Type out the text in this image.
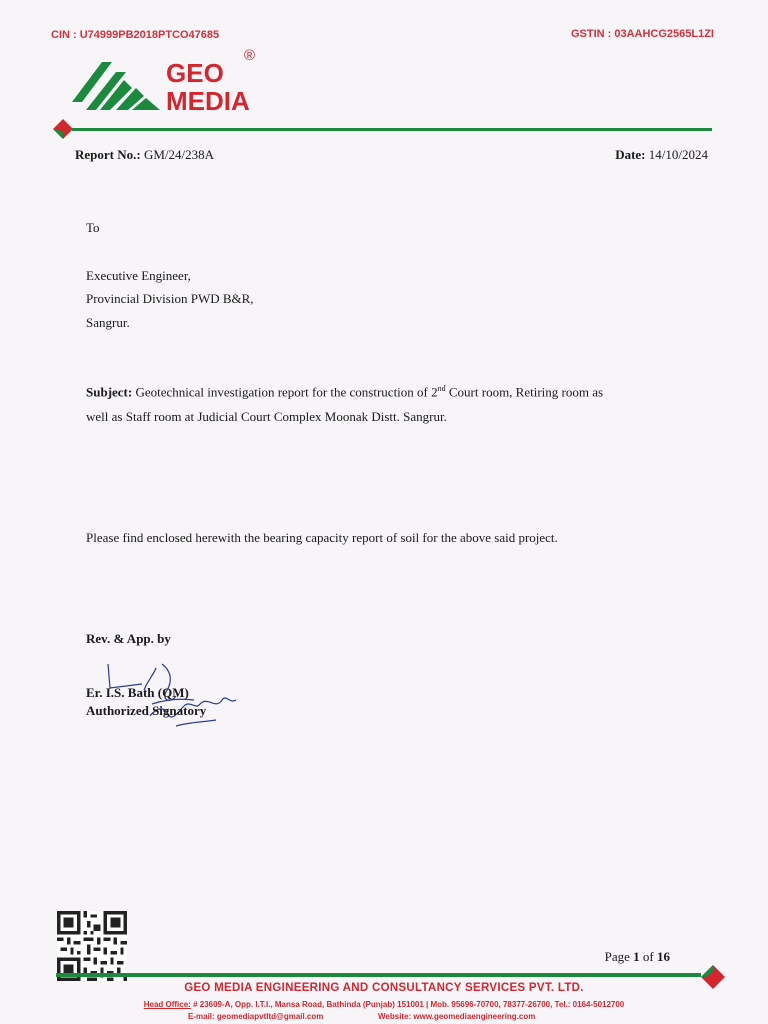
CIN : U74999PB2018PTCO47685	GSTIN : 03AAHCG2565L1ZI
GEO
®
MEDIA
Report No.: GM/24/238A	Date: 14/10/2024
To
Executive Engineer,
Provincial Division PWD B&R,
Sangrur.
Subject: Geotechnical investigation report for the construction of 2nd Court room, Retiring room as
well as Staff room at Judicial Court Complex Moonak Distt. Sangrur.
Please find enclosed herewith the bearing capacity report of soil for the above said project.
Rev. & App. by
Er. I.S. Bath (QM)
Authorized Signatory
Page 1 of 16
GEO MEDIA ENGINEERING AND CONSULTANCY SERVICES PVT. LTD.
Head Office: # 23609-A, Opp. I.T.I., Mansa Road, Bathinda (Punjab) 151001 | Mob. 95696-70700, 78377-26700, Tel.: 0164-5012700
E-mail: geomediapvtltd@gmail.com	Website: www.geomediaengineering.com
